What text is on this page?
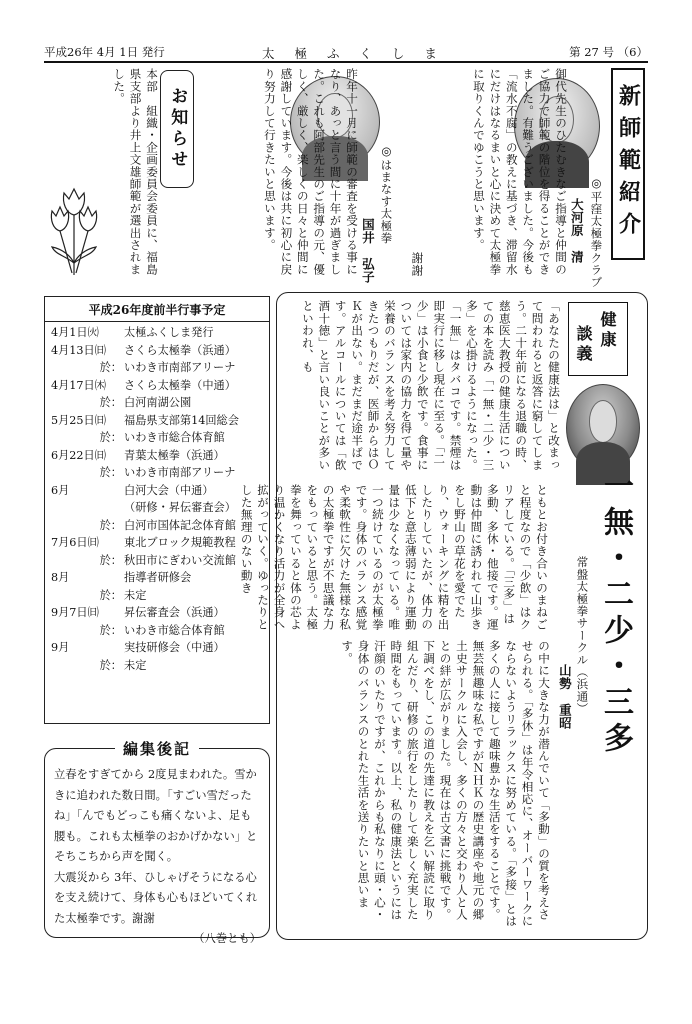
平成26年 4月 1日 発行	太 極 ふ く し ま	第 27 号 （6）
新師範紹介
◎平窪太極拳クラブ
大河原　清
御代先生のひたむきなご指導と仲間のご協力で師範の階位を得ることができました。有難うございました。今後も「流水不腐」の教えに基づき、滞留水にだけはなるまいと心に決めて太極拳に取りくんでゆこうと思います。
謝謝
◎はまなす太極拳
国井　弘子
昨年十一月に師範の審査を受ける事になり、あっと言う間に十年が過ぎました。これも阿部先生のご指導の元、優しく、厳しく、楽しくの日々と仲間に感謝しています。今後は共に初心に戻り努力して行きたいと思います。
お知らせ
本部　組織・企画委員会委員に、福島県支部より井上文雄師範が選出されました。
平成26年度前半行事予定
4月1日㈫	太極ふくしま発行
4月13日㈰	さくら太極拳（浜通）
於： いわき市南部アリーナ
4月17日㈭	さくら太極拳（中通）
於： 白河南湖公園
5月25日㈰	福島県支部第14回総会
於： いわき市総合体育館
6月22日㈰	青葉太極拳（浜通）
於： いわき市南部アリーナ
6月	白河大会（中通）
（研修・昇伝審査会）
於： 白河市国体記念体育館
7月6日㈰	東北ブロック規範教程
於： 秋田市にぎわい交流館
8月	指導者研修会
於： 未定
9月7日㈰	昇伝審査会（浜通）
於： いわき市総合体育館
9月	実技研修会（中通）
於： 未定
編集後記

立春をすぎてから 2度見まわれた。雪かきに追われた数日間。「すごい雪だったね」「んでもどっこも痛くないよ、足も腰も。これも太極拳のおかげかない」とそちこちから声を聞く。

大震災から 3年、ひしゃげそうになる心を支え続けて、身体も心もほどいてくれた太極拳です。謝謝

（八巻とも）

健康
談義
一無・二少・三多
常盤太極拳サークル（浜通）
山勢　重昭
の中に大きな力が潜んでいて「多動」の質を考えさせられる。「多休」は年令相応に、オーバーワークにならないようリラックスに努めている。「多接」とは多くの人に接して趣味豊かな生活をすることです。無芸無趣味な私ですがＮＨＫの歴史講座や地元の郷土史サークルに入会し、多くの方々と交わり人と人との絆が広がりました。現在は古文書に挑戦です。下調べをし、この道の先達に教えを乞い解読に取り組んだり、研修の旅行をしたりして楽しく充実した時間をもっています。以上、私の健康法というには汗顔のいたりですが、これからも私なりに頭・心・身体のバランスのとれた生活を送りたいと思います。
ともとお付き合いのまねごと程度なので「少飲」はクリアしている。「三多」は多動、多休・他接です。運動は仲間に誘われて山歩きをし野山の草花を愛でたり、ウォーキングに精を出したりしていたが、体力の低下と意志薄弱により運動量は少なくなっている。唯一つ続けているのが太極拳です。身体のバランス感覚や柔軟性に欠けた無様な私の太極拳ですが不思議な力をもっていると思う。太極拳を舞っていると体の芯より温かくなり活力が全身へ拡がっていく。ゆったりとした無理のない動き
「あなたの健康法は」と改まって問われると返答に窮してしまう。二十年前になる退職の時、慈恵医大教授の健康生活についての本を読み「一無・二少・三多」を心掛けるようになった。「一無」はタバコです。禁煙は即実行に移し現在に至る。「二少」は小食と少飲です。食事については家内の協力を得て量や栄養のバランスを考え努力してきたつもりだが、医師からはＯＫが出ない。まだまだ途半ばです。アルコールについては「飲酒十徳」と言い良いことが多いといわれ、も
